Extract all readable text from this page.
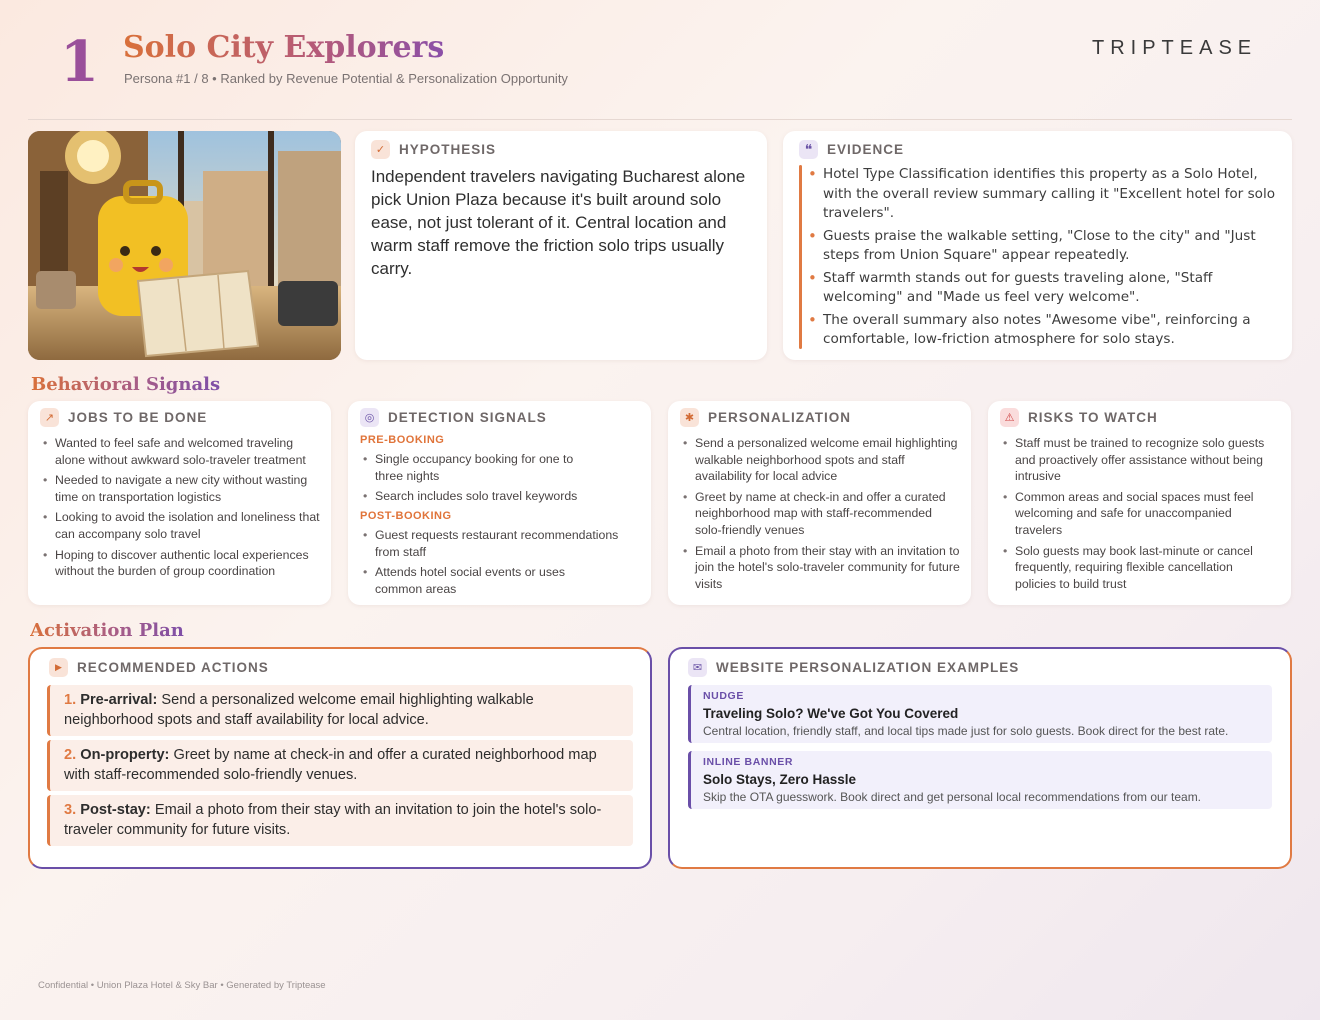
1 Solo City Explorers
Persona #1 / 8 • Ranked by Revenue Potential & Personalization Opportunity
TRIPTEASE
✓	HYPOTHESIS
Independent travelers navigating Bucharest alone pick Union Plaza because it's built around solo ease, not just tolerant of it. Central location and warm staff remove the friction solo trips usually carry.
❝	EVIDENCE
• Hotel Type Classification identifies this property as a Solo Hotel, with the overall review summary calling it "Excellent hotel for solo travelers".
• Guests praise the walkable setting, "Close to the city" and "Just steps from Union Square" appear repeatedly.
• Staff warmth stands out for guests traveling alone, "Staff welcoming" and "Made us feel very welcome".
• The overall summary also notes "Awesome vibe", reinforcing a comfortable, low-friction atmosphere for solo stays.
Behavioral Signals
↗	JOBS TO BE DONE
• Wanted to feel safe and welcomed traveling alone without awkward solo-traveler treatment
• Needed to navigate a new city without wasting time on transportation logistics
• Looking to avoid the isolation and loneliness that can accompany solo travel
• Hoping to discover authentic local experiences without the burden of group coordination
◎	DETECTION SIGNALS
PRE-BOOKING
• Single occupancy booking for one to three nights
• Search includes solo travel keywords
POST-BOOKING
• Guest requests restaurant recommendations from staff
• Attends hotel social events or uses common areas
✱	PERSONALIZATION
• Send a personalized welcome email highlighting walkable neighborhood spots and staff availability for local advice
• Greet by name at check-in and offer a curated neighborhood map with staff-recommended solo-friendly venues
• Email a photo from their stay with an invitation to join the hotel's solo-traveler community for future visits
⚠	RISKS TO WATCH
• Staff must be trained to recognize solo guests and proactively offer assistance without being intrusive
• Common areas and social spaces must feel welcoming and safe for unaccompanied travelers
• Solo guests may book last-minute or cancel frequently, requiring flexible cancellation policies to build trust
Activation Plan
▶	RECOMMENDED ACTIONS
1. Pre-arrival: Send a personalized welcome email highlighting walkable neighborhood spots and staff availability for local advice.
2. On-property: Greet by name at check-in and offer a curated neighborhood map with staff-recommended solo-friendly venues.
3. Post-stay: Email a photo from their stay with an invitation to join the hotel's solo-traveler community for future visits.
✉	WEBSITE PERSONALIZATION EXAMPLES
NUDGE
Traveling Solo? We've Got You Covered
Central location, friendly staff, and local tips made just for solo guests. Book direct for the best rate.
INLINE BANNER
Solo Stays, Zero Hassle
Skip the OTA guesswork. Book direct and get personal local recommendations from our team.
Confidential • Union Plaza Hotel & Sky Bar • Generated by Triptease
